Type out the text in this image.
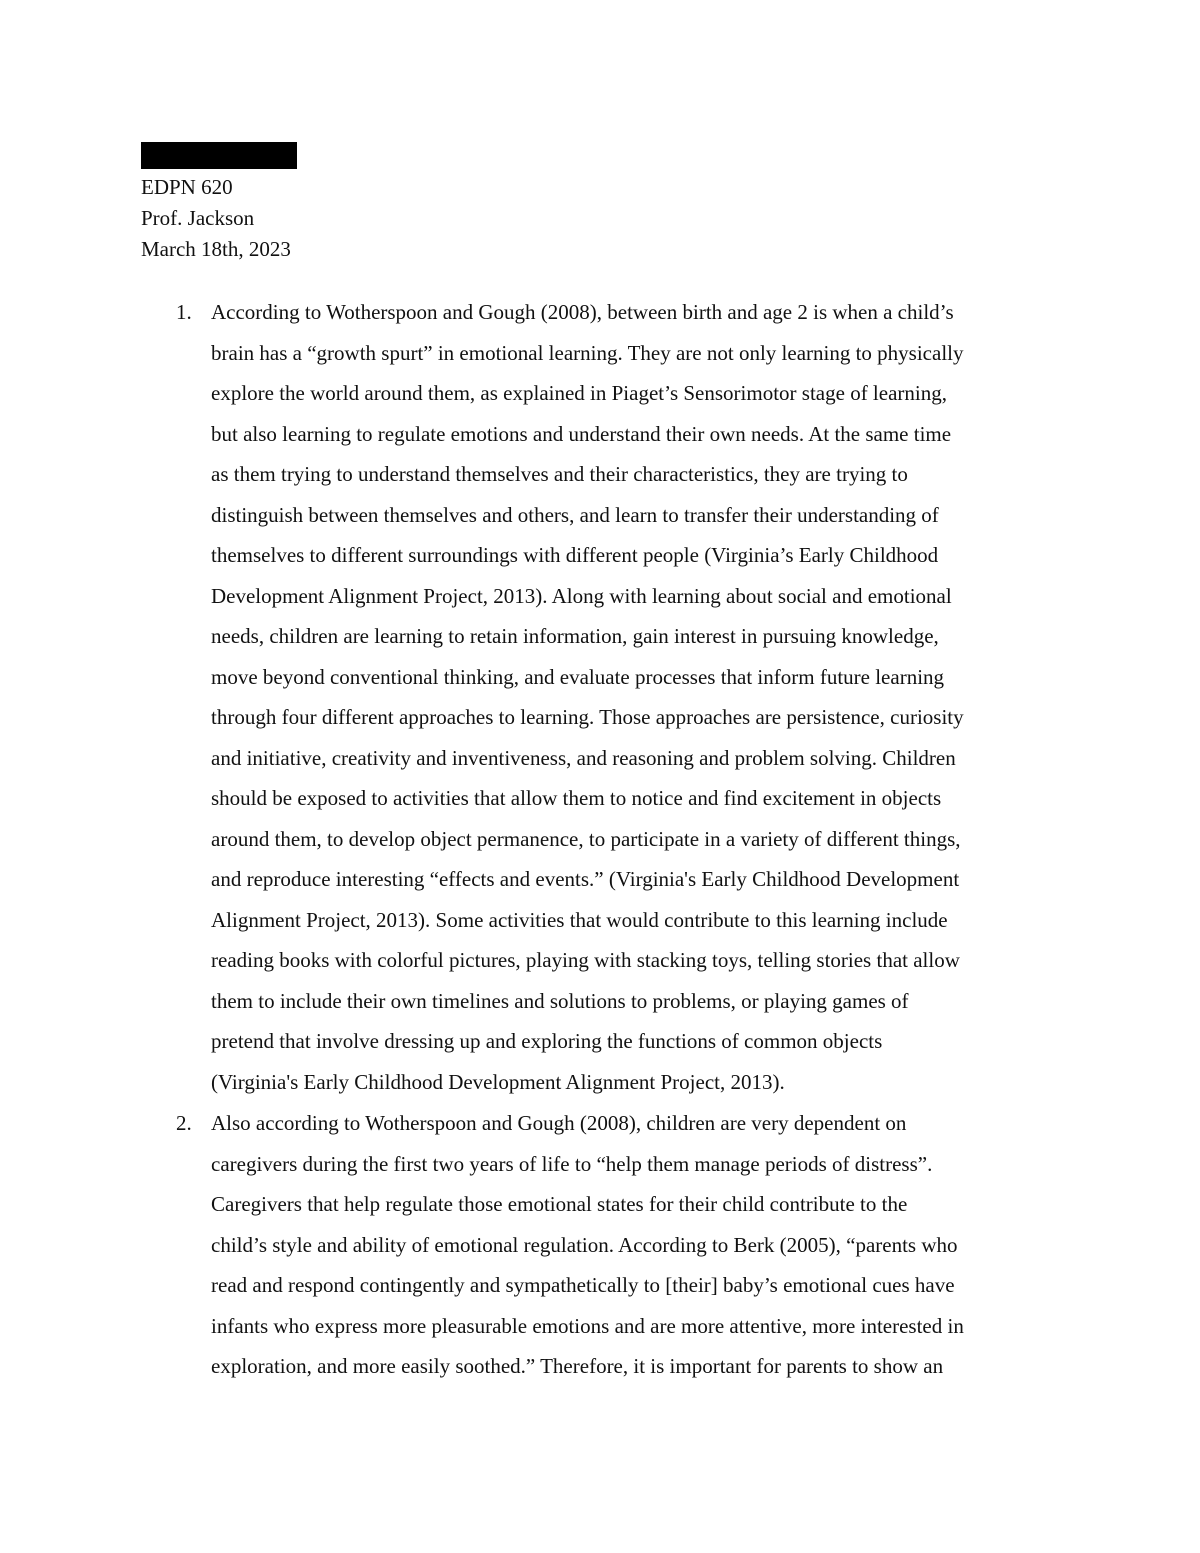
EDPN 620
Prof. Jackson
March 18th, 2023
1. According to Wotherspoon and Gough (2008), between birth and age 2 is when a child’s
brain has a “growth spurt” in emotional learning. They are not only learning to physically
explore the world around them, as explained in Piaget’s Sensorimotor stage of learning,
but also learning to regulate emotions and understand their own needs. At the same time
as them trying to understand themselves and their characteristics, they are trying to
distinguish between themselves and others, and learn to transfer their understanding of
themselves to different surroundings with different people (Virginia’s Early Childhood
Development Alignment Project, 2013). Along with learning about social and emotional
needs, children are learning to retain information, gain interest in pursuing knowledge,
move beyond conventional thinking, and evaluate processes that inform future learning
through four different approaches to learning. Those approaches are persistence, curiosity
and initiative, creativity and inventiveness, and reasoning and problem solving. Children
should be exposed to activities that allow them to notice and find excitement in objects
around them, to develop object permanence, to participate in a variety of different things,
and reproduce interesting “effects and events.” (Virginia's Early Childhood Development
Alignment Project, 2013). Some activities that would contribute to this learning include
reading books with colorful pictures, playing with stacking toys, telling stories that allow
them to include their own timelines and solutions to problems, or playing games of
pretend that involve dressing up and exploring the functions of common objects
(Virginia's Early Childhood Development Alignment Project, 2013).
2. Also according to Wotherspoon and Gough (2008), children are very dependent on
caregivers during the first two years of life to “help them manage periods of distress”.
Caregivers that help regulate those emotional states for their child contribute to the
child’s style and ability of emotional regulation. According to Berk (2005), “parents who
read and respond contingently and sympathetically to [their] baby’s emotional cues have
infants who express more pleasurable emotions and are more attentive, more interested in
exploration, and more easily soothed.” Therefore, it is important for parents to show an
